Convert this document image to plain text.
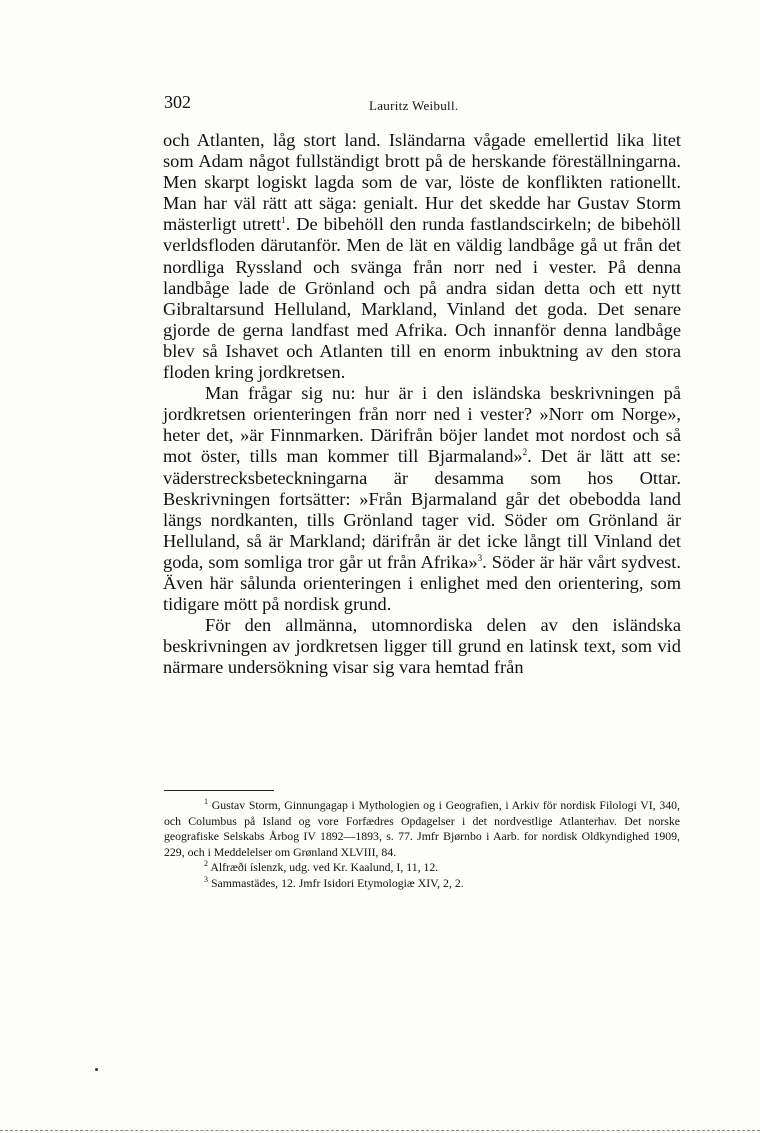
302	Lauritz Weibull.

och Atlanten, låg stort land. Isländarna vågade emellertid lika litet som Adam något fullständigt brott på de herskande föreställningarna. Men skarpt logiskt lagda som de var, löste de konflikten rationellt. Man har väl rätt att säga: genialt. Hur det skedde har Gustav Storm mästerligt utrett$^1$. De bibehöll den runda fastlandscirkeln; de bibehöll verldsfloden därutanför. Men de lät en väldig landbåge gå ut från det nordliga Ryssland och svänga från norr ned i vester. På denna landbåge lade de Grönland och på andra sidan detta och ett nytt Gibraltarsund Helluland, Markland, Vinland det goda. Det senare gjorde de gerna landfast med Afrika. Och innanför denna landbåge blev så Ishavet och Atlanten till en enorm inbuktning av den stora floden kring jordkretsen.

Man frågar sig nu: hur är i den isländska beskrivningen på jordkretsen orienteringen från norr ned i vester? »Norr om Norge», heter det, »är Finnmarken. Därifrån böjer landet mot nordost och så mot öster, tills man kommer till Bjarmaland»$^2$. Det är lätt att se: väderstrecksbeteckningarna är desamma som hos Ottar. Beskrivningen fortsätter: »Från Bjarmaland går det obebodda land längs nordkanten, tills Grönland tager vid. Söder om Grönland är Helluland, så är Markland; därifrån är det icke långt till Vinland det goda, som somliga tror går ut från Afrika»$^3$. Söder är här vårt sydvest. Även här sålunda orienteringen i enlighet med den orientering, som tidigare mött på nordisk grund.

För den allmänna, utomnordiska delen av den isländska beskrivningen av jordkretsen ligger till grund en latinsk text, som vid närmare undersökning visar sig vara hemtad från

$^1$ Gustav Storm, Ginnungagap i Mythologien og i Geografien, i Arkiv för nordisk Filologi VI, 340, och Columbus på Island og vore Forfædres Opdagelser i det nordvestlige Atlanterhav. Det norske geografiske Selskabs Årbog IV 1892—1893, s. 77. Jmfr Bjørnbo i Aarb. for nordisk Oldkyndighed 1909, 229, och i Meddelelser om Grønland XLVIII, 84.

$^2$ Alfræði íslenzk, udg. ved Kr. Kaalund, I, 11, 12.

$^3$ Sammastädes, 12. Jmfr Isidori Etymologiæ XIV, 2, 2.
